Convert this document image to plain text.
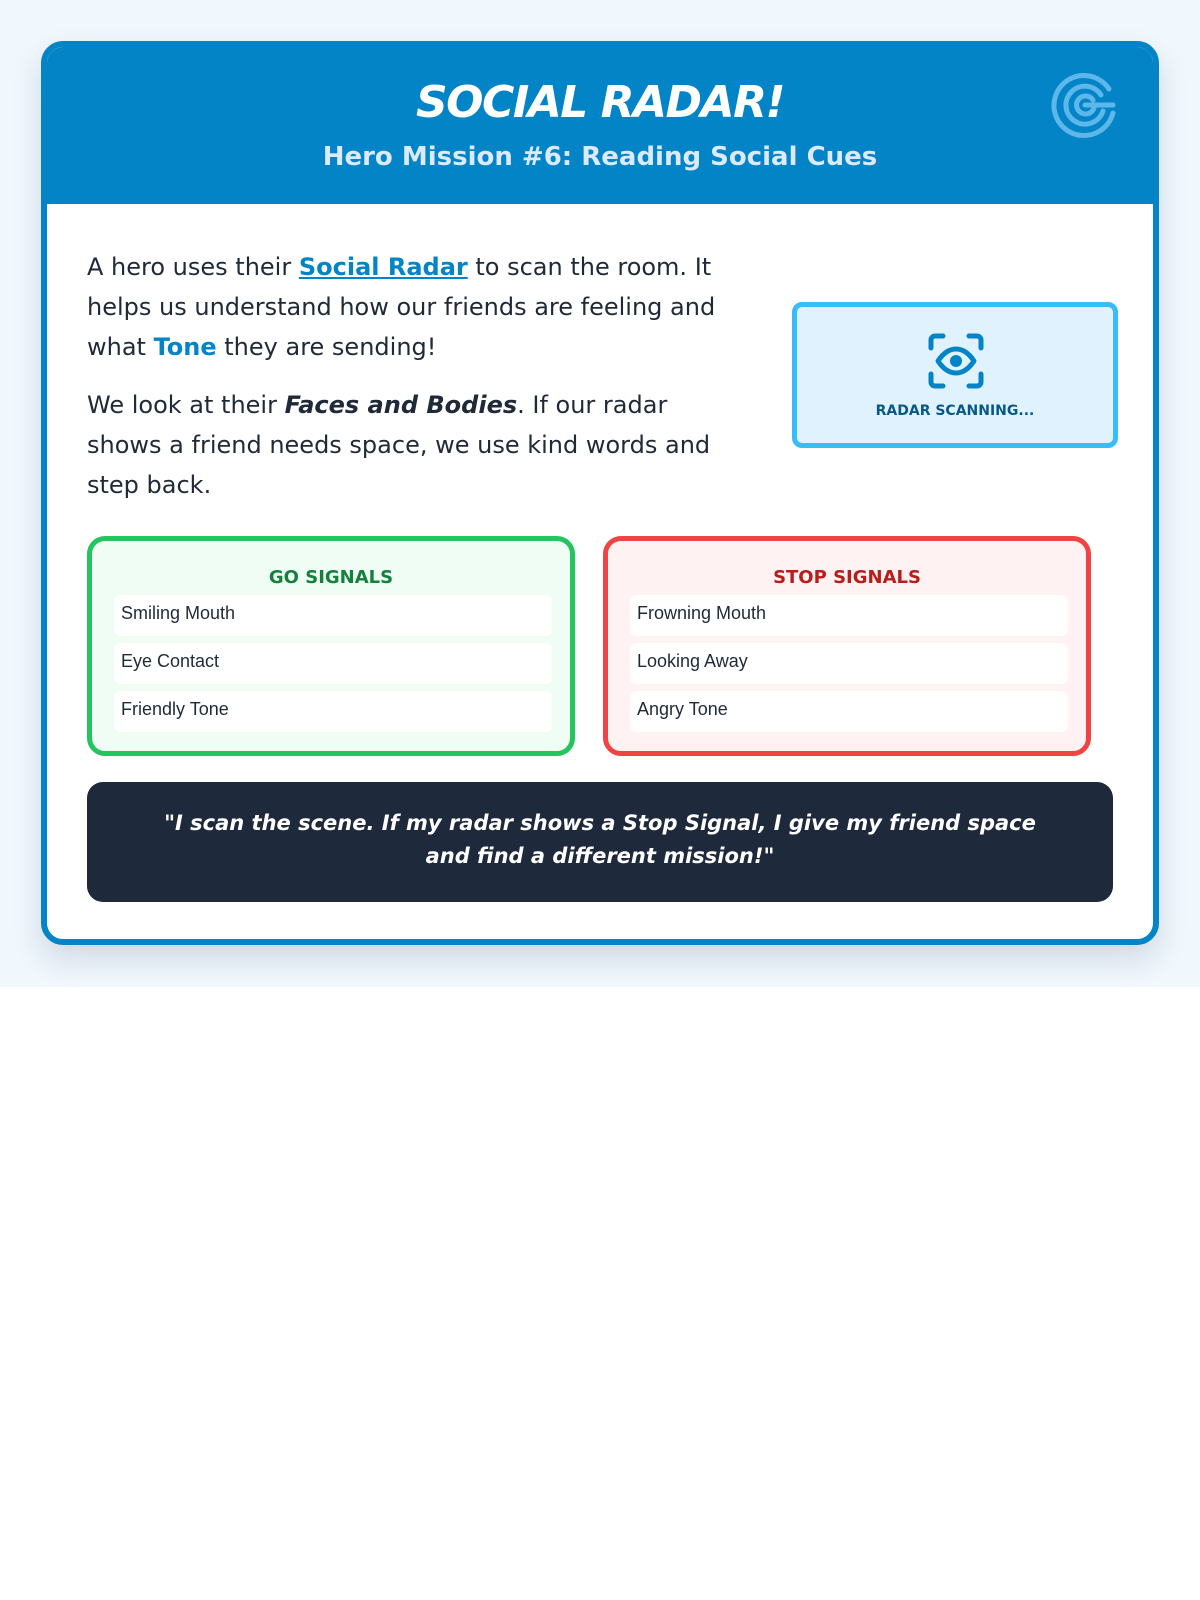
SOCIAL RADAR!
Hero Mission #6: Reading Social Cues

A hero uses their Social Radar to scan the room. It helps us understand how our friends are feeling and what Tone they are sending!

We look at their Faces and Bodies. If our radar shows a friend needs space, we use kind words and step back.

RADAR SCANNING...
GO SIGNALS
Smiling Mouth
Eye Contact
Friendly Tone
STOP SIGNALS
Frowning Mouth
Looking Away
Angry Tone
"I scan the scene. If my radar shows a Stop Signal, I give my friend space and find a different mission!"
